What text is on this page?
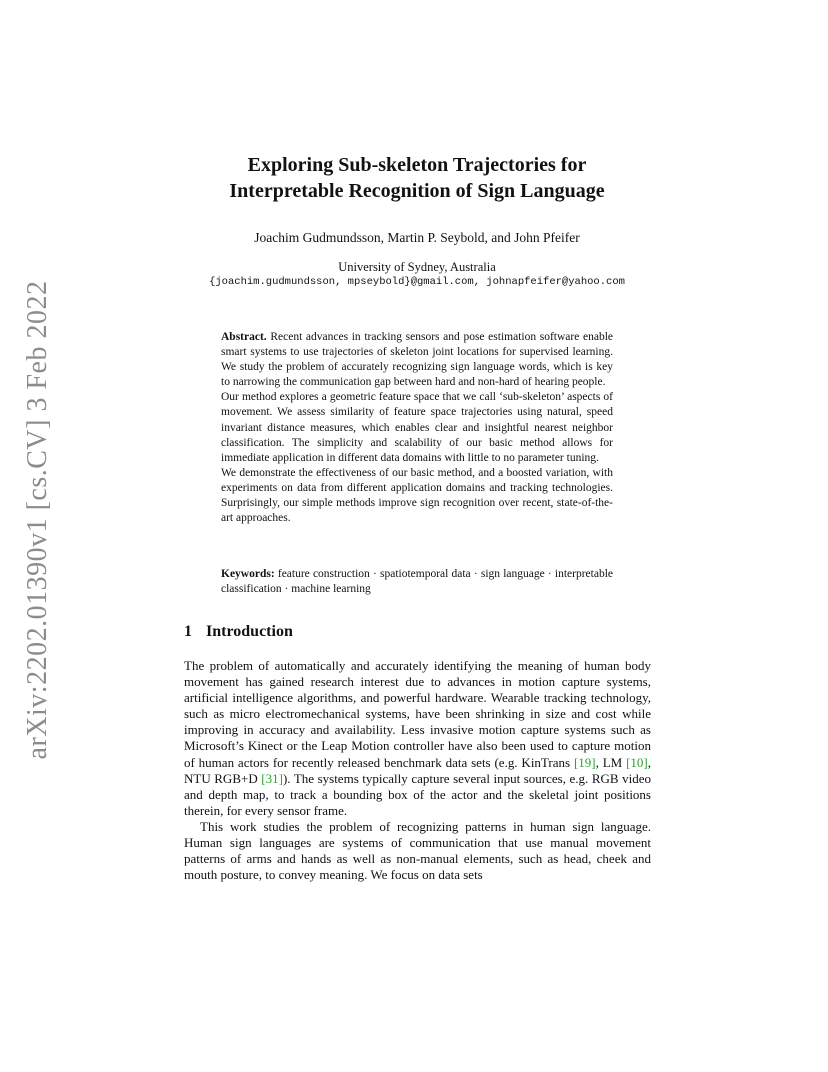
arXiv:2202.01390v1 [cs.CV] 3 Feb 2022
Exploring Sub-skeleton Trajectories for
Interpretable Recognition of Sign Language
Joachim Gudmundsson, Martin P. Seybold, and John Pfeifer
University of Sydney, Australia
{joachim.gudmundsson, mpseybold}@gmail.com, johnapfeifer@yahoo.com

Abstract. Recent advances in tracking sensors and pose estimation software enable smart systems to use trajectories of skeleton joint locations for supervised learning. We study the problem of accurately recognizing sign language words, which is key to narrowing the communication gap between hard and non-hard of hearing people.

Our method explores a geometric feature space that we call ‘sub-skeleton’ aspects of movement. We assess similarity of feature space trajectories using natural, speed invariant distance measures, which enables clear and insightful nearest neighbor classification. The simplicity and scalability of our basic method allows for immediate application in different data domains with little to no parameter tuning.

We demonstrate the effectiveness of our basic method, and a boosted variation, with experiments on data from different application domains and tracking technologies. Surprisingly, our simple methods improve sign recognition over recent, state-of-the-art approaches.

Keywords: feature construction · spatiotemporal data · sign language · interpretable classification · machine learning
1 Introduction

The problem of automatically and accurately identifying the meaning of human body movement has gained research interest due to advances in motion capture systems, artificial intelligence algorithms, and powerful hardware. Wearable tracking technology, such as micro electromechanical systems, have been shrinking in size and cost while improving in accuracy and availability. Less invasive motion capture systems such as Microsoft’s Kinect or the Leap Motion controller have also been used to capture motion of human actors for recently released benchmark data sets (e.g. KinTrans [19], LM [10], NTU RGB+D [31]). The systems typically capture several input sources, e.g. RGB video and depth map, to track a bounding box of the actor and the skeletal joint positions therein, for every sensor frame.

This work studies the problem of recognizing patterns in human sign language. Human sign languages are systems of communication that use manual movement patterns of arms and hands as well as non-manual elements, such as head, cheek and mouth posture, to convey meaning. We focus on data sets
